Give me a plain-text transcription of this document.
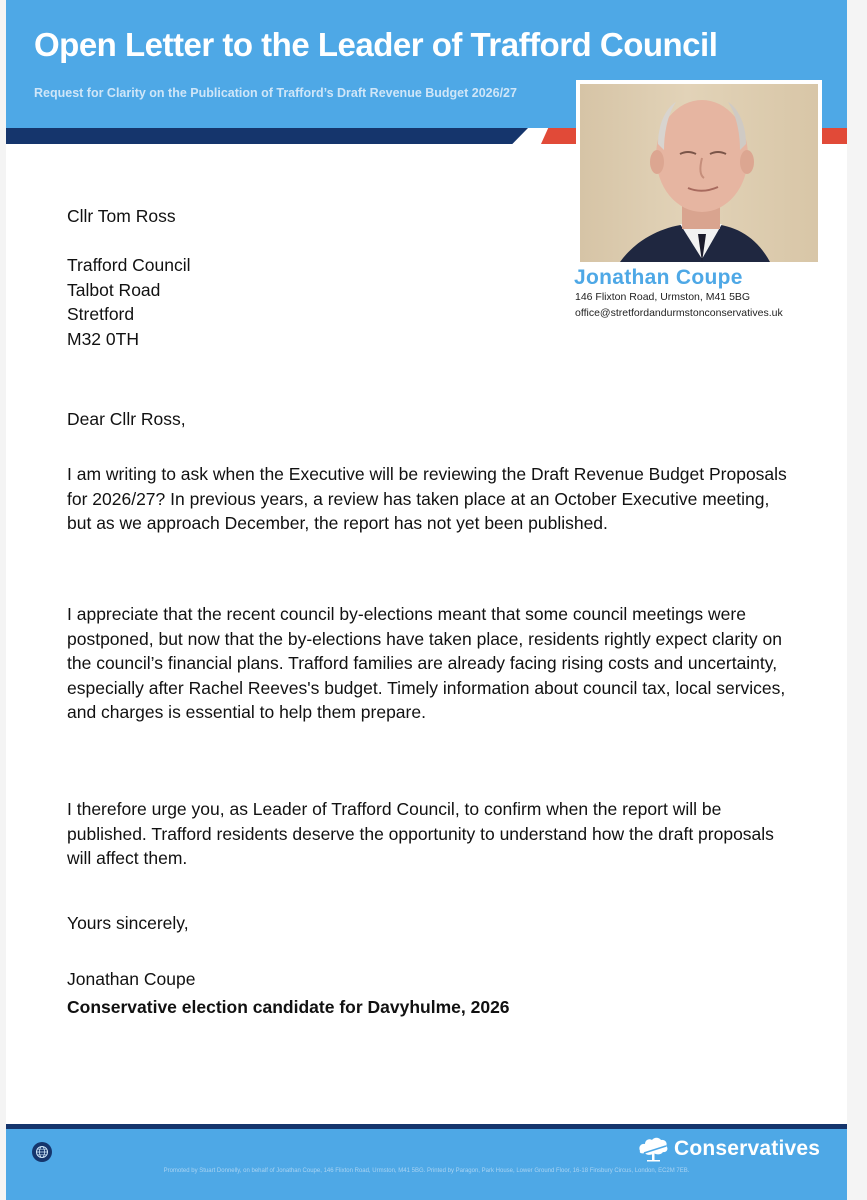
Open Letter to the Leader of Trafford Council
Request for Clarity on the Publication of Trafford’s Draft Revenue Budget 2026/27
Jonathan Coupe
146 Flixton Road, Urmston, M41 5BG
office@stretfordandurmstonconservatives.uk
Cllr Tom Ross
Trafford Council
Talbot Road
Stretford
M32 0TH
Dear Cllr Ross,
I am writing to ask when the Executive will be reviewing the Draft Revenue Budget Proposals for 2026/27? In previous years, a review has taken place at an October Executive meeting, but as we approach December, the report has not yet been published.
I appreciate that the recent council by-elections meant that some council meetings were postponed, but now that the by-elections have taken place, residents rightly expect clarity on the council’s financial plans. Trafford families are already facing rising costs and uncertainty, especially after Rachel Reeves's budget. Timely information about council tax, local services, and charges is essential to help them prepare.
I therefore urge you, as Leader of Trafford Council, to confirm when the report will be published. Trafford residents deserve the opportunity to understand how the draft proposals will affect them.
Yours sincerely,
Jonathan Coupe
Conservative election candidate for Davyhulme, 2026
Conservatives
Promoted by Stuart Donnelly, on behalf of Jonathan Coupe, 146 Flixton Road, Urmston, M41 5BG. Printed by Paragon, Park House, Lower Ground Floor, 16-18 Finsbury Circus, London, EC2M 7EB.
